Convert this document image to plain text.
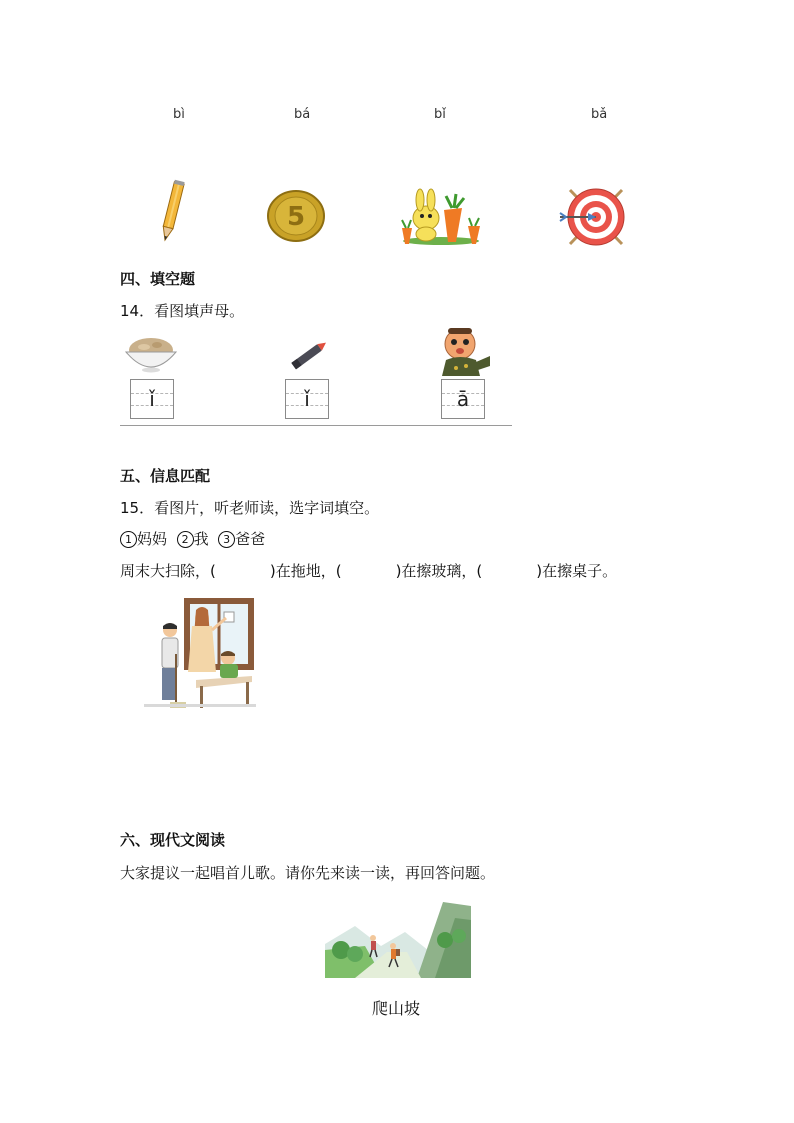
bì	bá	bǐ	bǎ
5
四、填空题
14．看图填声母。
ǐ	ǐ	ā
五、信息匹配
15．看图片，听老师读，选字词填空。
1 妈妈 2 我 3 爸爸
周末大扫除，(	)在拖地，(	)在擦玻璃，(	)在擦桌子。
六、现代文阅读
大家提议一起唱首儿歌。请你先来读一读，再回答问题。
爬山坡
